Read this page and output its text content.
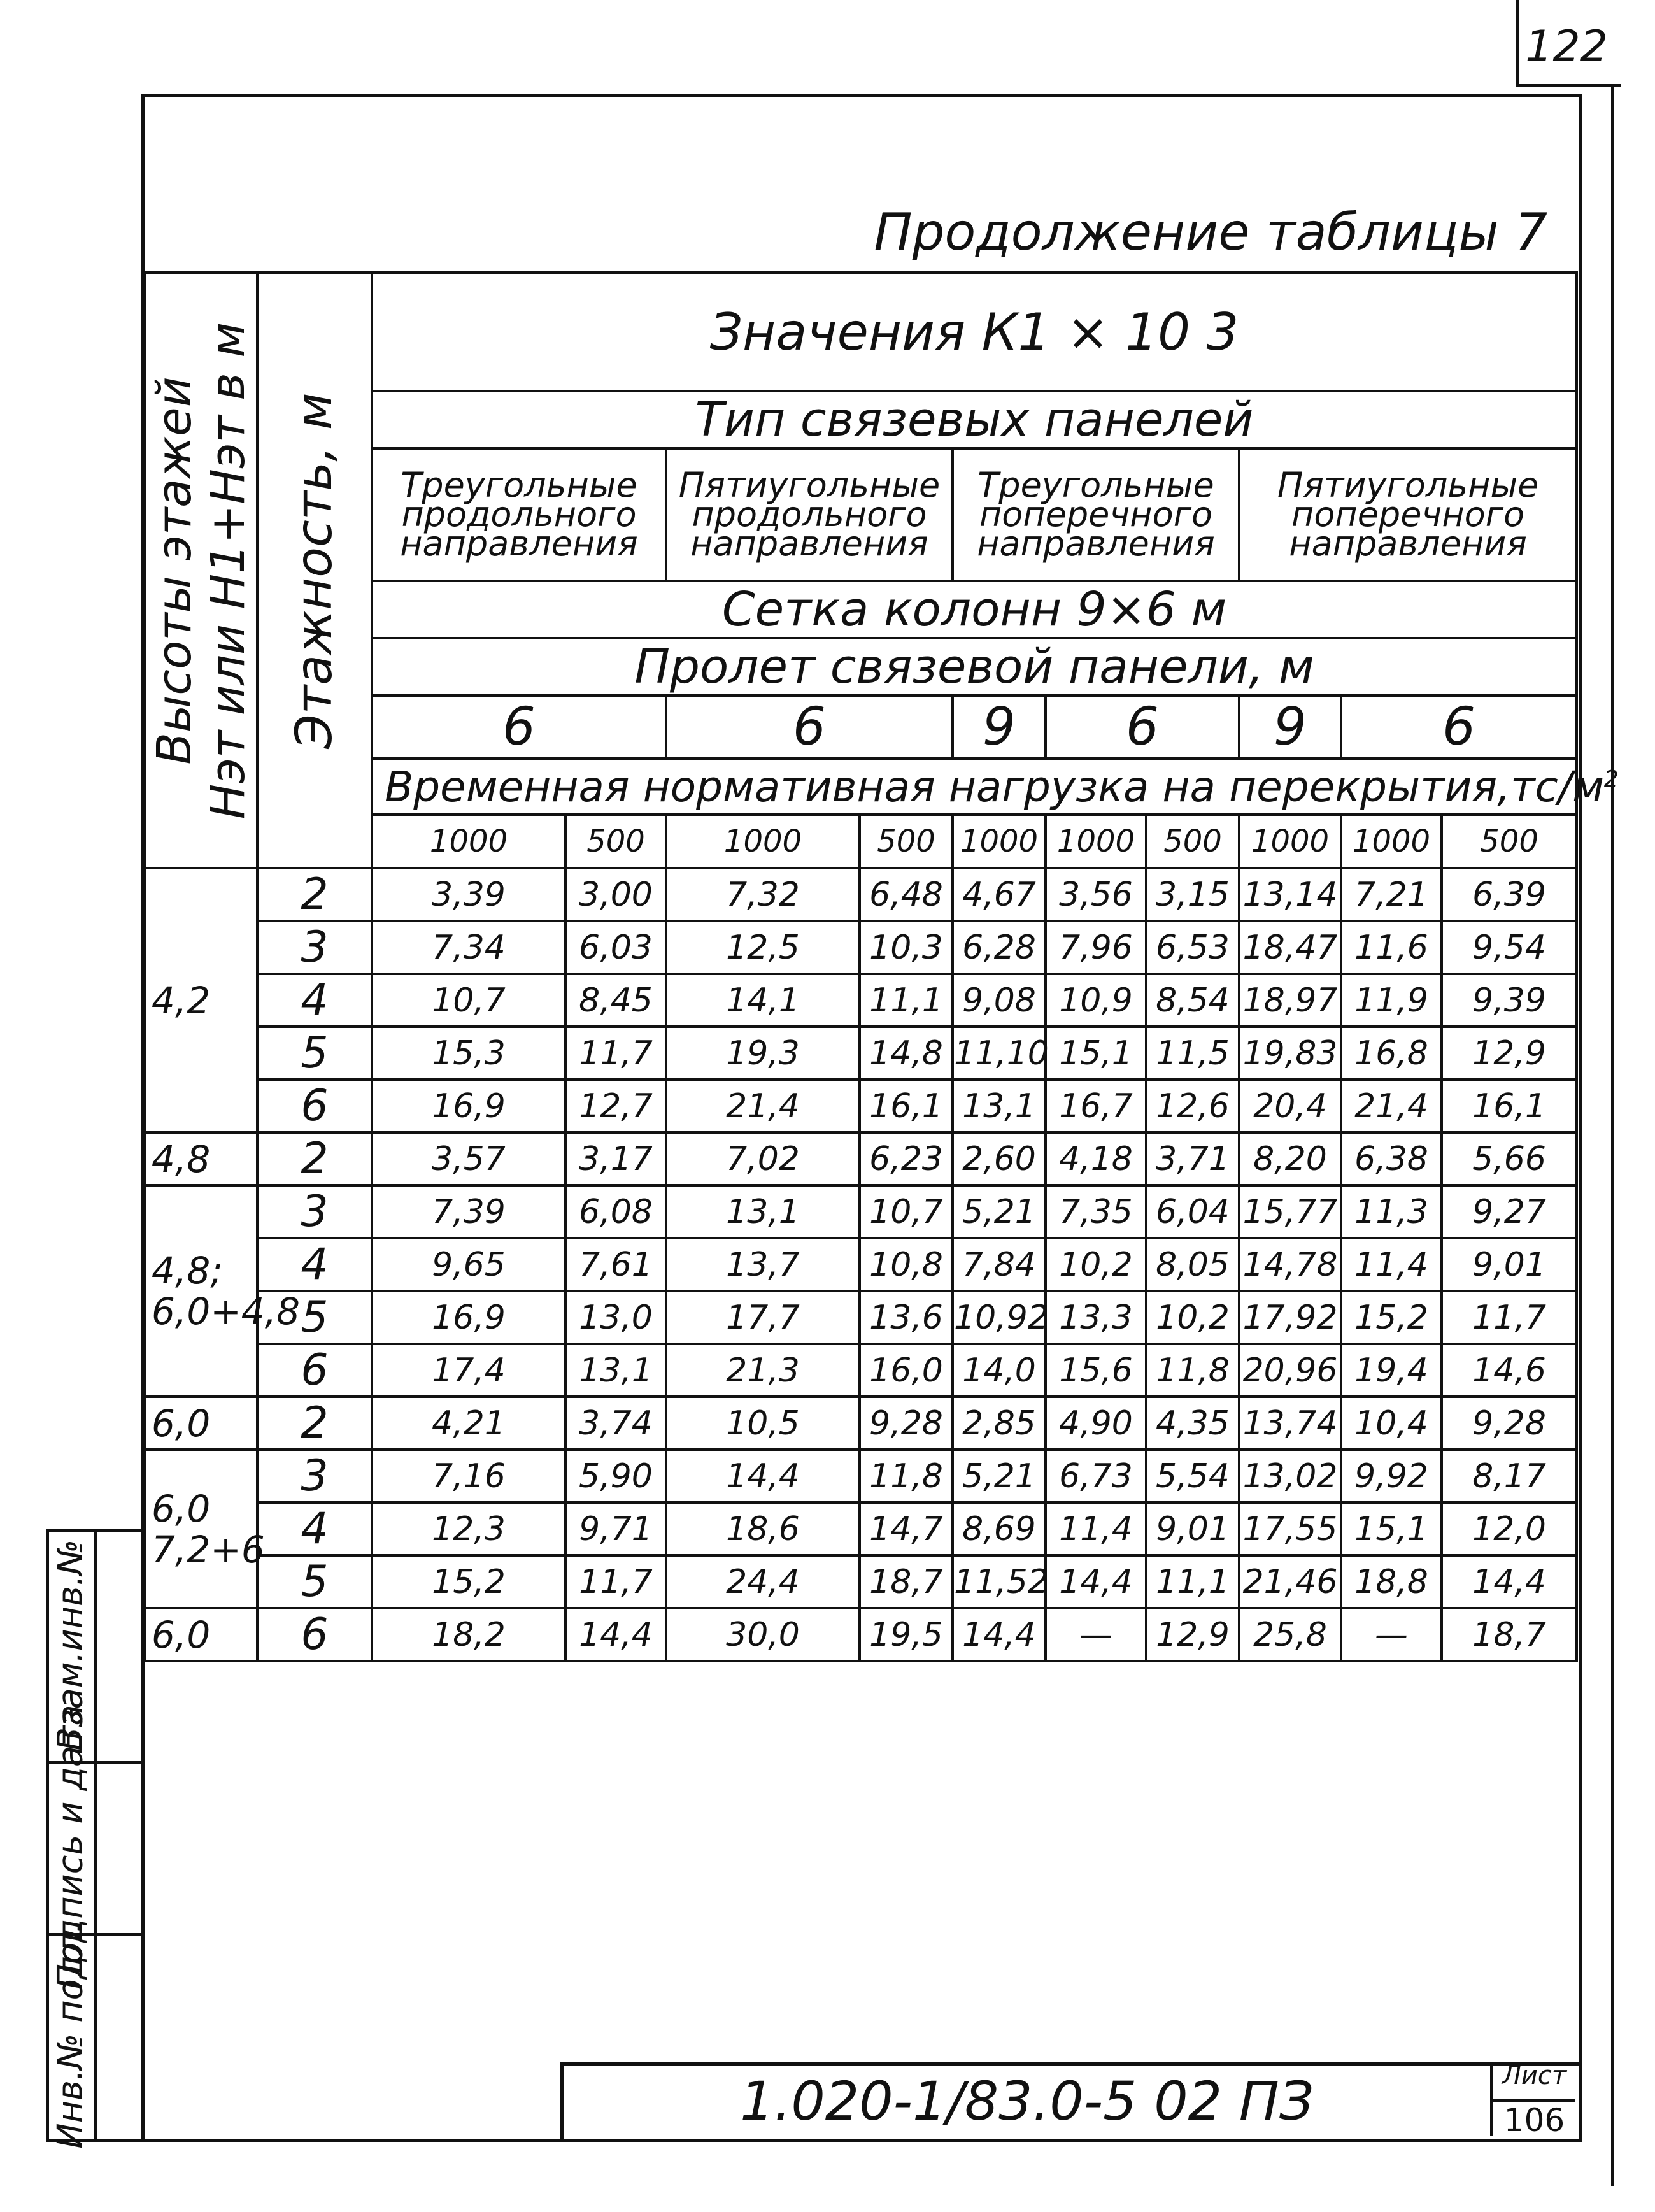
122
Продолжение таблицы 7
Высоты этажей
Нэт или Н1+Нэт в м	Этажность, м	Значения К1 × 10 3									
		Тип связевых панелей									
		Треугольные продольного направления		Пятиугольные продольного направления		Треугольные поперечного направления			Пятиугольные поперечного направления		
		Сетка колонн 9×6 м									
		Пролет связевой панели, м									
		6		6		9	6		9	6	
		Временная нормативная нагрузка на $перекрытия,тс/м^2$
		1000	500	1000	500	1000	1000	500	1000	1000	500
4,2	2	3,39	3,00	7,32	6,48	4,67	3,56	3,15	13,14	7,21	6,39
	3	7,34	6,03	12,5	10,3	6,28	7,96	6,53	18,47	11,6	9,54
	4	10,7	8,45	14,1	11,1	9,08	10,9	8,54	18,97	11,9	9,39
	5	15,3	11,7	19,3	14,8	11,10	15,1	11,5	19,83	16,8	12,9
	6	16,9	12,7	21,4	16,1	13,1	16,7	12,6	20,4	21,4	16,1
4,8	2	3,57	3,17	7,02	6,23	2,60	4,18	3,71	8,20	6,38	5,66
4,8;
6,0+4,8	3	7,39	6,08	13,1	10,7	5,21	7,35	6,04	15,77	11,3	9,27
	4	9,65	7,61	13,7	10,8	7,84	10,2	8,05	14,78	11,4	9,01
	5	16,9	13,0	17,7	13,6	10,92	13,3	10,2	17,92	15,2	11,7
	6	17,4	13,1	21,3	16,0	14,0	15,6	11,8	20,96	19,4	14,6
6,0	2	4,21	3,74	10,5	9,28	2,85	4,90	4,35	13,74	10,4	9,28
6,0
7,2+6	3	7,16	5,90	14,4	11,8	5,21	6,73	5,54	13,02	9,92	8,17
	4	12,3	9,71	18,6	14,7	8,69	11,4	9,01	17,55	15,1	12,0
	5	15,2	11,7	24,4	18,7	11,52	14,4	11,1	21,46	18,8	14,4
6,0	6	18,2	14,4	30,0	19,5	14,4	—	12,9	25,8	—	18,7
Инв.№ подл.
Подпись и дата
Взам.инв.№
1.020-1/83.0-5 02 ПЗ	Лист
106
